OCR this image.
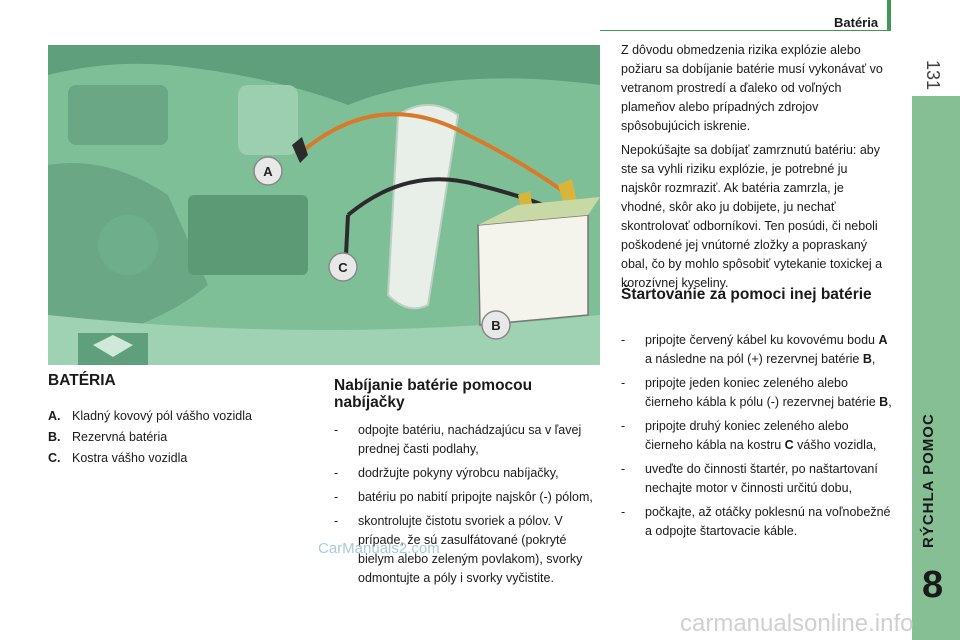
Batéria
131
RÝCHLA POMOC
8
A
C
B
BATÉRIA
A. Kladný kovový pól vášho vozidla
B. Rezervná batéria
C. Kostra vášho vozidla
Nabíjanie batérie pomocou nabíjačky
-	odpojte batériu, nachádzajúcu sa v ľavej prednej časti podlahy,
-	dodržujte pokyny výrobcu nabíjačky,
-	batériu po nabití pripojte najskôr (-) pólom,
-	skontrolujte čistotu svoriek a pólov. V prípade, že sú zasulfátované (pokryté bielym alebo zeleným povlakom), svorky odmontujte a póly i svorky vyčistite.

Z dôvodu obmedzenia rizika explózie alebo požiaru sa dobíjanie batérie musí vykonávať vo vetranom prostredí a ďaleko od voľných plameňov alebo prípadných zdrojov spôsobujúcich iskrenie.

Nepokúšajte sa dobíjať zamrznutú batériu: aby ste sa vyhli riziku explózie, je potrebné ju najskôr rozmraziť. Ak batéria zamrzla, je vhodné, skôr ako ju dobijete, ju nechať skontrolovať odborníkovi. Ten posúdi, či neboli poškodené jej vnútorné zložky a popraskaný obal, čo by mohlo spôsobiť vytekanie toxickej a korozívnej kyseliny.

Štartovanie za pomoci inej batérie
-	pripojte červený kábel ku kovovému bodu A a následne na pól (+) rezervnej batérie B,
-	pripojte jeden koniec zeleného alebo čierneho kábla k pólu (-) rezervnej batérie B,
-	pripojte druhý koniec zeleného alebo čierneho kábla na kostru C vášho vozidla,
-	uveďte do činnosti štartér, po naštartovaní nechajte motor v činnosti určitú dobu,
-	počkajte, až otáčky poklesnú na voľnobežné a odpojte štartovacie káble.
CarManuals2.com
carmanualsonline.info
